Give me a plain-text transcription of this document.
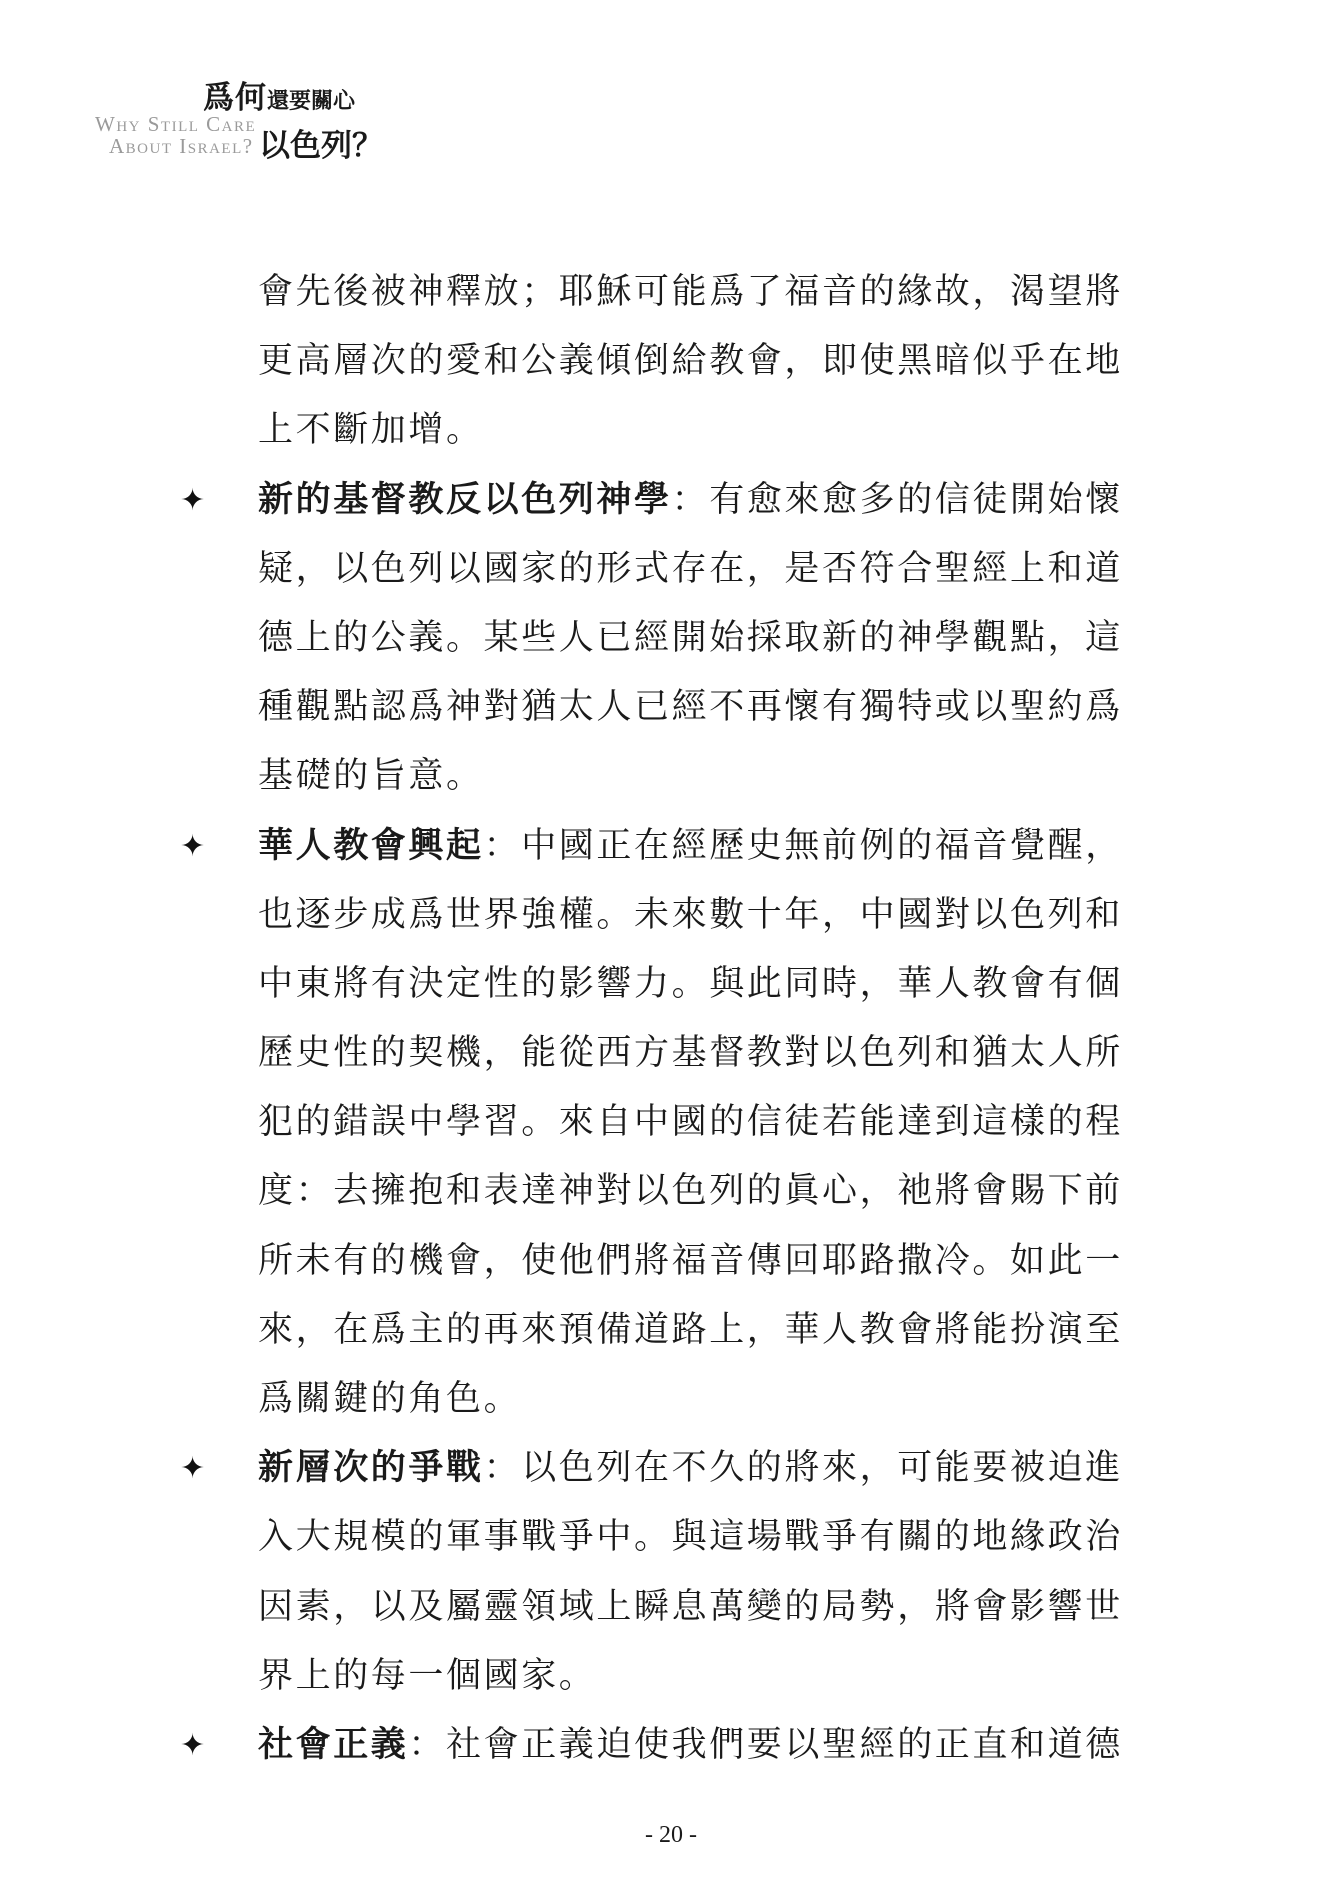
爲何 還要關心
Why Still Care
About Israel? 以色列？
會先後被神釋放；耶穌可能爲了福音的緣故，渴望將
更高層次的愛和公義傾倒給教會，即使黑暗似乎在地
上不斷加增。
✦ 新的基督教反以色列神學：有愈來愈多的信徒開始懷
疑，以色列以國家的形式存在，是否符合聖經上和道
德上的公義。某些人已經開始採取新的神學觀點，這
種觀點認爲神對猶太人已經不再懷有獨特或以聖約爲
基礎的旨意。
✦ 華人教會興起：中國正在經歷史無前例的福音覺醒，
也逐步成爲世界強權。未來數十年，中國對以色列和
中東將有決定性的影響力。與此同時，華人教會有個
歷史性的契機，能從西方基督教對以色列和猶太人所
犯的錯誤中學習。來自中國的信徒若能達到這樣的程
度：去擁抱和表達神對以色列的眞心，祂將會賜下前
所未有的機會，使他們將福音傳回耶路撒冷。如此一
來，在爲主的再來預備道路上，華人教會將能扮演至
爲關鍵的角色。
✦ 新層次的爭戰：以色列在不久的將來，可能要被迫進
入大規模的軍事戰爭中。與這場戰爭有關的地緣政治
因素，以及屬靈領域上瞬息萬變的局勢，將會影響世
界上的每一個國家。
✦ 社會正義：社會正義迫使我們要以聖經的正直和道德
- 20 -
